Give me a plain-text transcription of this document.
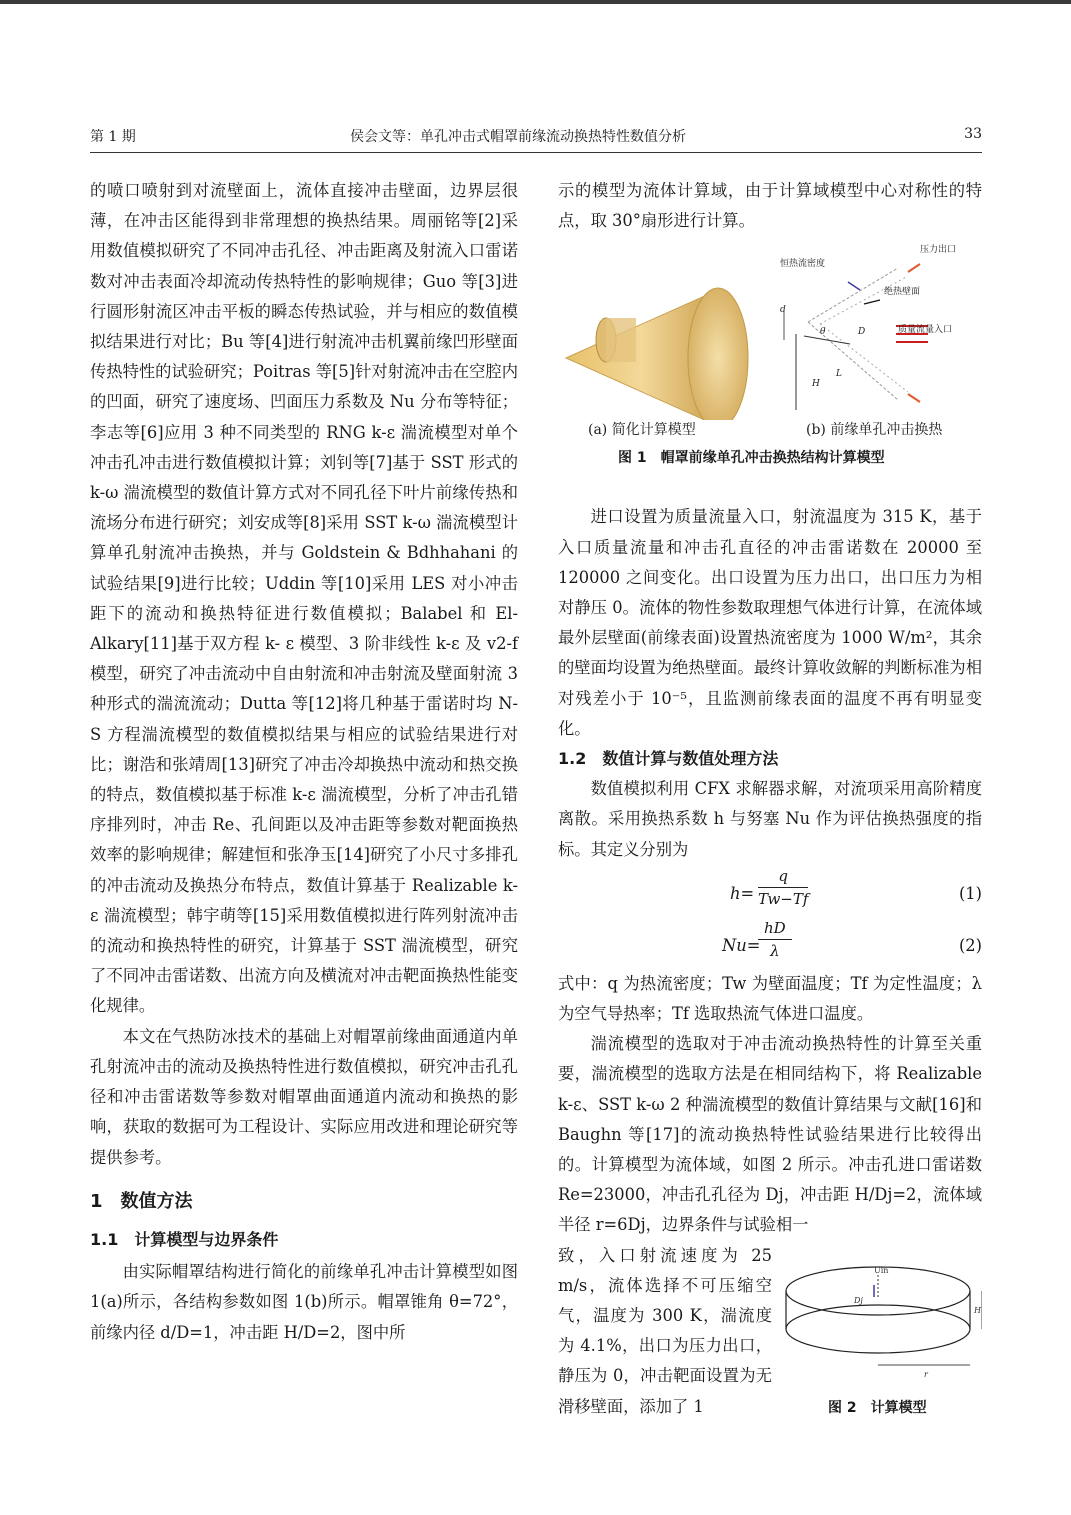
第 1 期	侯会文等：单孔冲击式帽罩前缘流动换热特性数值分析	33

的喷口喷射到对流壁面上，流体直接冲击壁面，边界层很薄，在冲击区能得到非常理想的换热结果。周丽铭等[2]采用数值模拟研究了不同冲击孔径、冲击距离及射流入口雷诺数对冲击表面冷却流动传热特性的影响规律；Guo 等[3]进行圆形射流区冲击平板的瞬态传热试验，并与相应的数值模拟结果进行对比；Bu 等[4]进行射流冲击机翼前缘凹形壁面传热特性的试验研究；Poitras 等[5]针对射流冲击在空腔内的凹面，研究了速度场、凹面压力系数及 Nu 分布等特征；李志等[6]应用 3 种不同类型的 RNG k-ε 湍流模型对单个冲击孔冲击进行数值模拟计算；刘钊等[7]基于 SST 形式的 k-ω 湍流模型的数值计算方式对不同孔径下叶片前缘传热和流场分布进行研究；刘安成等[8]采用 SST k-ω 湍流模型计算单孔射流冲击换热，并与 Goldstein & Bdhhahani 的试验结果[9]进行比较；Uddin 等[10]采用 LES 对小冲击距下的流动和换热特征进行数值模拟；Balabel 和 El-Alkary[11]基于双方程 k- ε 模型、3 阶非线性 k-ε 及 v2-f 模型，研究了冲击流动中自由射流和冲击射流及壁面射流 3 种形式的湍流流动；Dutta 等[12]将几种基于雷诺时均 N-S 方程湍流模型的数值模拟结果与相应的试验结果进行对比；谢浩和张靖周[13]研究了冲击冷却换热中流动和热交换的特点，数值模拟基于标准 k-ε 湍流模型，分析了冲击孔错序排列时，冲击 Re、孔间距以及冲击距等参数对靶面换热效率的影响规律；解建恒和张净玉[14]研究了小尺寸多排孔的冲击流动及换热分布特点，数值计算基于 Realizable k-ε 湍流模型；韩宇萌等[15]采用数值模拟进行阵列射流冲击的流动和换热特性的研究，计算基于 SST 湍流模型，研究了不同冲击雷诺数、出流方向及横流对冲击靶面换热性能变化规律。

本文在气热防冰技术的基础上对帽罩前缘曲面通道内单孔射流冲击的流动及换热特性进行数值模拟，研究冲击孔孔径和冲击雷诺数等参数对帽罩曲面通道内流动和换热的影响，获取的数据可为工程设计、实际应用改进和理论研究等提供参考。

1　数值方法
1.1　计算模型与边界条件

由实际帽罩结构进行简化的前缘单孔冲击计算模型如图 1(a)所示，各结构参数如图 1(b)所示。帽罩锥角 θ=72°，前缘内径 d/D=1，冲击距 H/D=2，图中所

示的模型为流体计算域，由于计算域模型中心对称性的特点，取 30°扇形进行计算。

恒热流密度
压力出口
绝热壁面
质量流量入口
d
θ	D
H
L
(a) 简化计算模型	(b) 前缘单孔冲击换热
图 1　帽罩前缘单孔冲击换热结构计算模型

进口设置为质量流量入口，射流温度为 315 K，基于入口质量流量和冲击孔直径的冲击雷诺数在 20000 至 120000 之间变化。出口设置为压力出口，出口压力为相对静压 0。流体的物性参数取理想气体进行计算，在流体域最外层壁面(前缘表面)设置热流密度为 1000 W/m²，其余的壁面均设置为绝热壁面。最终计算收敛解的判断标准为相对残差小于 10⁻⁵，且监测前缘表面的温度不再有明显变化。

1.2　数值计算与数值处理方法

数值模拟利用 CFX 求解器求解，对流项采用高阶精度离散。采用换热系数 h 与努塞 Nu 作为评估换热强度的指标。其定义分别为

$h= \frac{q}{Tw-Tf}$	(1)
Nu=
$\frac{hD}{\lambda}$	(2)

式中：q 为热流密度；Tw 为壁面温度；Tf 为定性温度；λ 为空气导热率；Tf 选取热流气体进口温度。

湍流模型的选取对于冲击流动换热特性的计算至关重要，湍流模型的选取方法是在相同结构下，将 Realizable k-ε、SST k-ω 2 种湍流模型的数值计算结果与文献[16]和 Baughn 等[17]的流动换热特性试验结果进行比较得出的。计算模型为流体域，如图 2 所示。冲击孔进口雷诺数 Re=23000，冲击孔孔径为 Dj，冲击距 H/Dj=2，流体域半径 r=6Dj，边界条件与试验相一

致，入口射流速度为 25 m/s，流体选择不可压缩空气，温度为 300 K，湍流度为 4.1%，出口为压力出口，静压为 0，冲击靶面设置为无滑移壁面，添加了 1

Uin
Dj
H
r
图 2　计算模型
